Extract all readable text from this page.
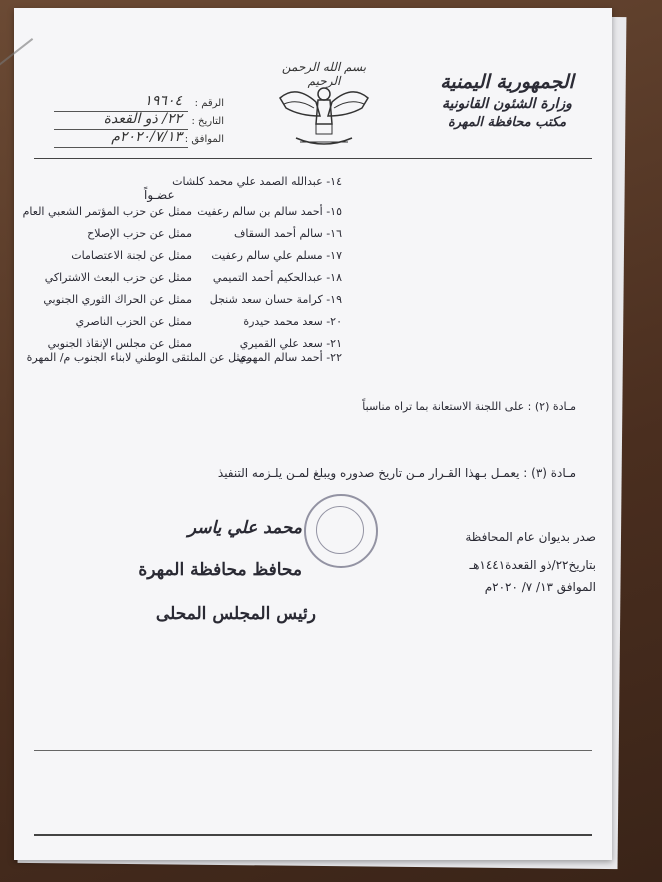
الجمهورية اليمنية
وزارة الشئون القانونية
مكتب محافظة المهرة
بسم الله الرحمن الرحيم
الرقم :
١٩٦٠٤
التاريخ :
٢٢/ ذو القعدة
الموافق :
٢٠٢٠/٧/١٣م
عضـواً
١٤- عبدالله الصمد علي محمد كلشات
١٥- أحمد سالم بن سالم رعفيت
ممثل عن حزب المؤتمر الشعبي العام
١٦- سالم أحمد السقاف
ممثل عن حزب الإصلاح
١٧- مسلم علي سالم رعفيت
ممثل عن لجنة الاعتصامات
١٨- عبدالحكيم أحمد التميمي
ممثل عن حزب البعث الاشتراكي
١٩- كرامة حسان سعد شنجل
ممثل عن الحراك الثوري الجنوبي
٢٠- سعد محمد حيدرة
ممثل عن الحزب الناصري
٢١- سعد علي القميري
ممثل عن مجلس الإنقاذ الجنوبي
٢٢- أحمد سالم المهري
ممثل عن الملتقى الوطني لابناء الجنوب م/ المهرة
مـادة (٢) : على اللجنة الاستعانة بما تراه مناسباً
مـادة (٣) : يعمـل بـهذا القـرار مـن تاريخ صدوره ويبلغ لمـن يلـزمه التنفيذ
صدر بديوان عام المحافظة
بتاريخ٢٢/ذو القعدة١٤٤١هـ
الموافق ١٣/ ٧/ ٢٠٢٠م
محمد علي ياسر
محافظ محافظة المهرة
رئيس المجلس المحلى
